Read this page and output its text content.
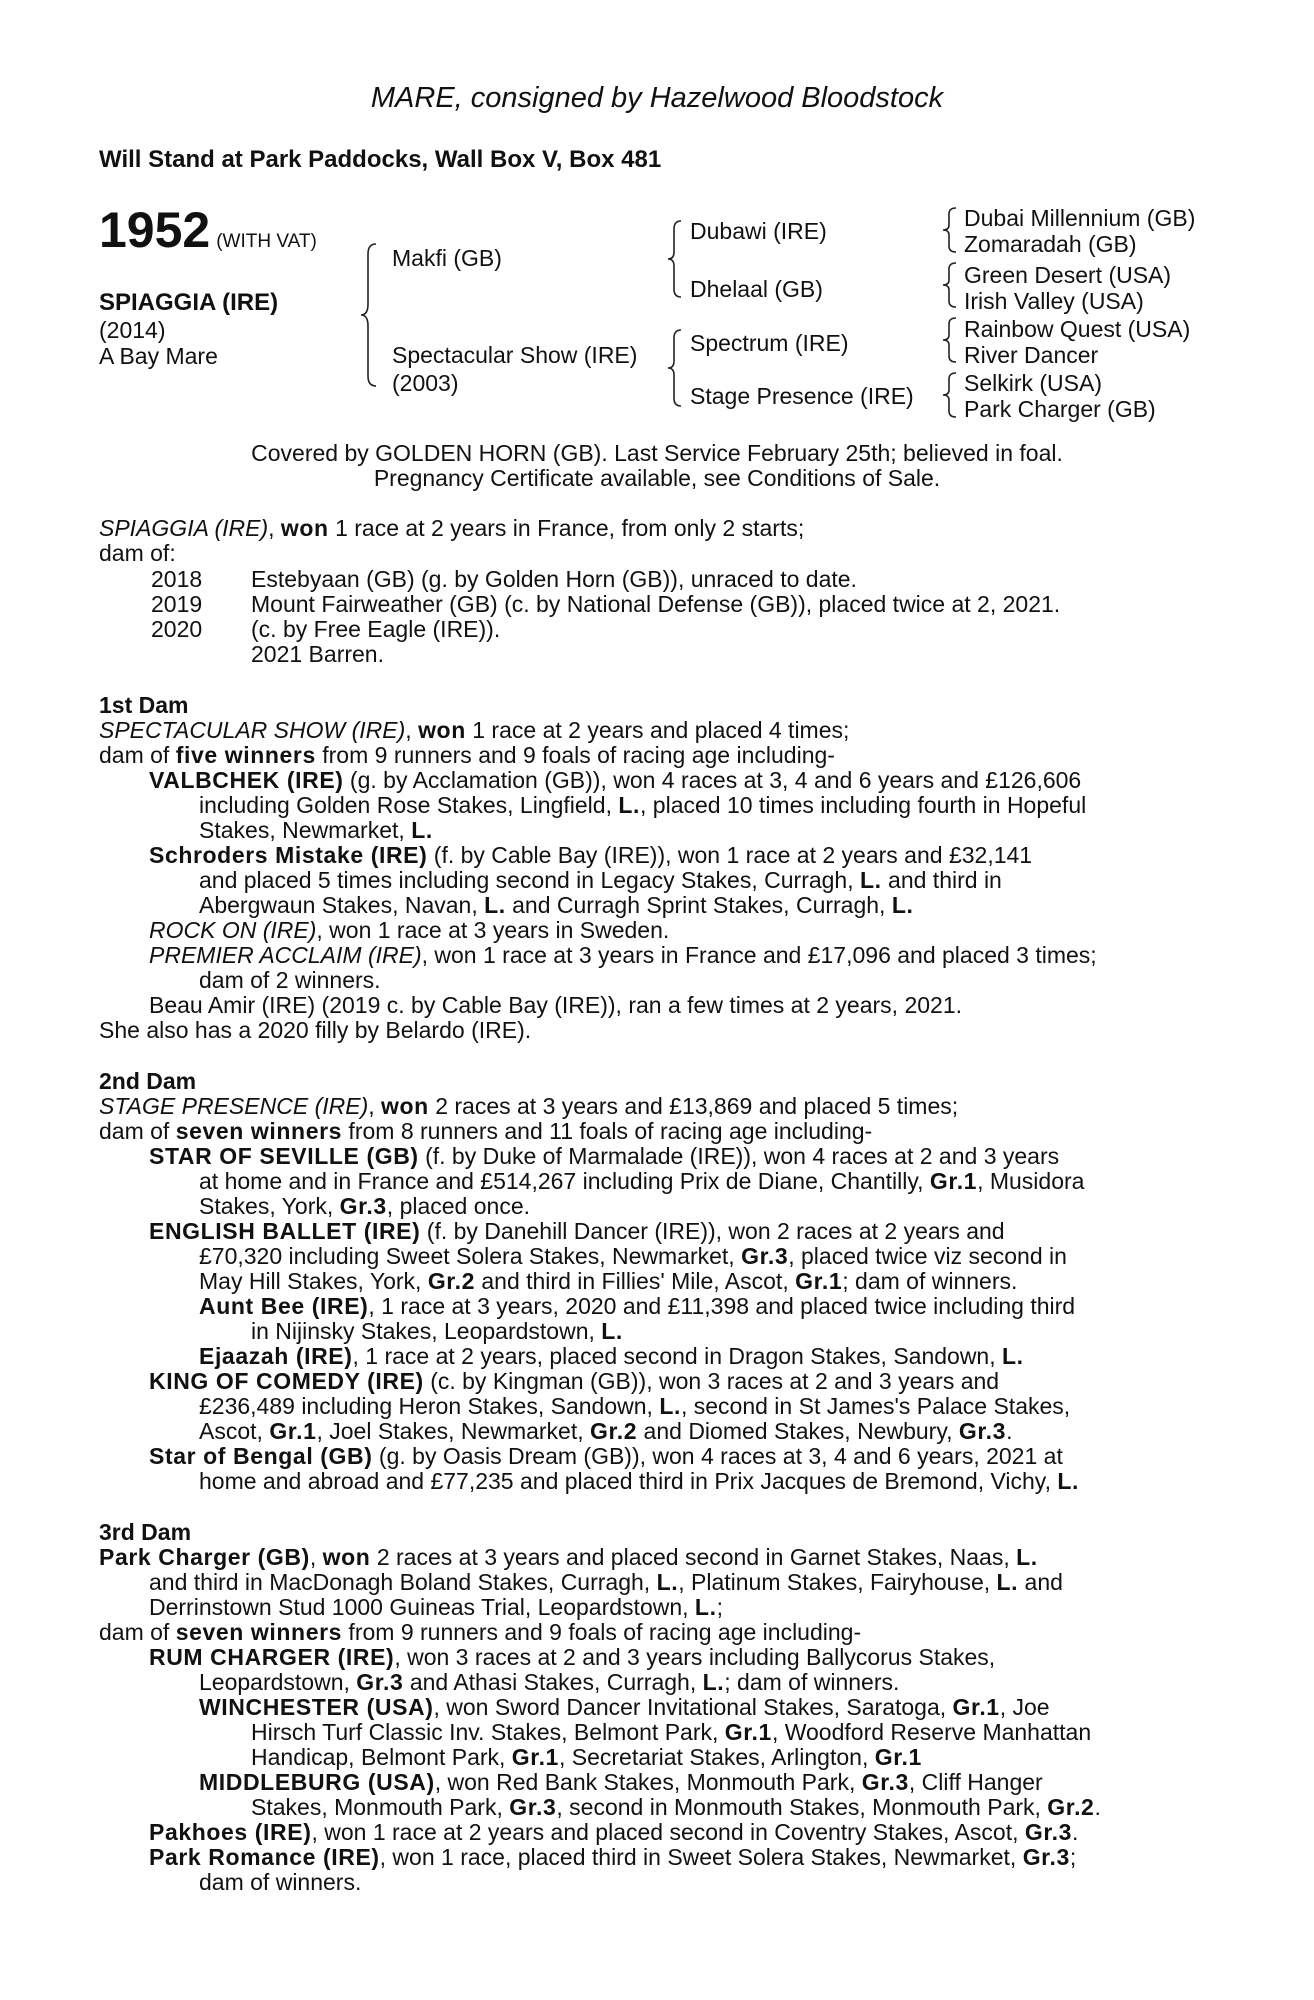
MARE, consigned by Hazelwood Bloodstock
Will Stand at Park Paddocks, Wall Box V, Box 481
1952 (WITH VAT)
SPIAGGIA (IRE)
(2014)
A Bay Mare
Makfi (GB)
Spectacular Show (IRE)
(2003)
Dubawi (IRE)
Dhelaal (GB)
Spectrum (IRE)
Stage Presence (IRE)
Dubai Millennium (GB)
Zomaradah (GB)
Green Desert (USA)
Irish Valley (USA)
Rainbow Quest (USA)
River Dancer
Selkirk (USA)
Park Charger (GB)
Covered by GOLDEN HORN (GB). Last Service February 25th; believed in foal.
Pregnancy Certificate available, see Conditions of Sale.
SPIAGGIA (IRE), won 1 race at 2 years in France, from only 2 starts;
dam of:
2018 Estebyaan (GB) (g. by Golden Horn (GB)), unraced to date.
2019 Mount Fairweather (GB) (c. by National Defense (GB)), placed twice at 2, 2021.
2020 (c. by Free Eagle (IRE)).
2021 Barren.
1st Dam
SPECTACULAR SHOW (IRE), won 1 race at 2 years and placed 4 times;
dam of five winners from 9 runners and 9 foals of racing age including-
VALBCHEK (IRE) (g. by Acclamation (GB)), won 4 races at 3, 4 and 6 years and £126,606
including Golden Rose Stakes, Lingfield, L., placed 10 times including fourth in Hopeful
Stakes, Newmarket, L.
Schroders Mistake (IRE) (f. by Cable Bay (IRE)), won 1 race at 2 years and £32,141
and placed 5 times including second in Legacy Stakes, Curragh, L. and third in
Abergwaun Stakes, Navan, L. and Curragh Sprint Stakes, Curragh, L.
ROCK ON (IRE), won 1 race at 3 years in Sweden.
PREMIER ACCLAIM (IRE), won 1 race at 3 years in France and £17,096 and placed 3 times;
dam of 2 winners.
Beau Amir (IRE) (2019 c. by Cable Bay (IRE)), ran a few times at 2 years, 2021.
She also has a 2020 filly by Belardo (IRE).
2nd Dam
STAGE PRESENCE (IRE), won 2 races at 3 years and £13,869 and placed 5 times;
dam of seven winners from 8 runners and 11 foals of racing age including-
STAR OF SEVILLE (GB) (f. by Duke of Marmalade (IRE)), won 4 races at 2 and 3 years
at home and in France and £514,267 including Prix de Diane, Chantilly, Gr.1, Musidora
Stakes, York, Gr.3, placed once.
ENGLISH BALLET (IRE) (f. by Danehill Dancer (IRE)), won 2 races at 2 years and
£70,320 including Sweet Solera Stakes, Newmarket, Gr.3, placed twice viz second in
May Hill Stakes, York, Gr.2 and third in Fillies' Mile, Ascot, Gr.1; dam of winners.
Aunt Bee (IRE), 1 race at 3 years, 2020 and £11,398 and placed twice including third
in Nijinsky Stakes, Leopardstown, L.
Ejaazah (IRE), 1 race at 2 years, placed second in Dragon Stakes, Sandown, L.
KING OF COMEDY (IRE) (c. by Kingman (GB)), won 3 races at 2 and 3 years and
£236,489 including Heron Stakes, Sandown, L., second in St James's Palace Stakes,
Ascot, Gr.1, Joel Stakes, Newmarket, Gr.2 and Diomed Stakes, Newbury, Gr.3.
Star of Bengal (GB) (g. by Oasis Dream (GB)), won 4 races at 3, 4 and 6 years, 2021 at
home and abroad and £77,235 and placed third in Prix Jacques de Bremond, Vichy, L.
3rd Dam
Park Charger (GB), won 2 races at 3 years and placed second in Garnet Stakes, Naas, L.
and third in MacDonagh Boland Stakes, Curragh, L., Platinum Stakes, Fairyhouse, L. and
Derrinstown Stud 1000 Guineas Trial, Leopardstown, L.;
dam of seven winners from 9 runners and 9 foals of racing age including-
RUM CHARGER (IRE), won 3 races at 2 and 3 years including Ballycorus Stakes,
Leopardstown, Gr.3 and Athasi Stakes, Curragh, L.; dam of winners.
WINCHESTER (USA), won Sword Dancer Invitational Stakes, Saratoga, Gr.1, Joe
Hirsch Turf Classic Inv. Stakes, Belmont Park, Gr.1, Woodford Reserve Manhattan
Handicap, Belmont Park, Gr.1, Secretariat Stakes, Arlington, Gr.1
MIDDLEBURG (USA), won Red Bank Stakes, Monmouth Park, Gr.3, Cliff Hanger
Stakes, Monmouth Park, Gr.3, second in Monmouth Stakes, Monmouth Park, Gr.2.
Pakhoes (IRE), won 1 race at 2 years and placed second in Coventry Stakes, Ascot, Gr.3.
Park Romance (IRE), won 1 race, placed third in Sweet Solera Stakes, Newmarket, Gr.3;
dam of winners.
